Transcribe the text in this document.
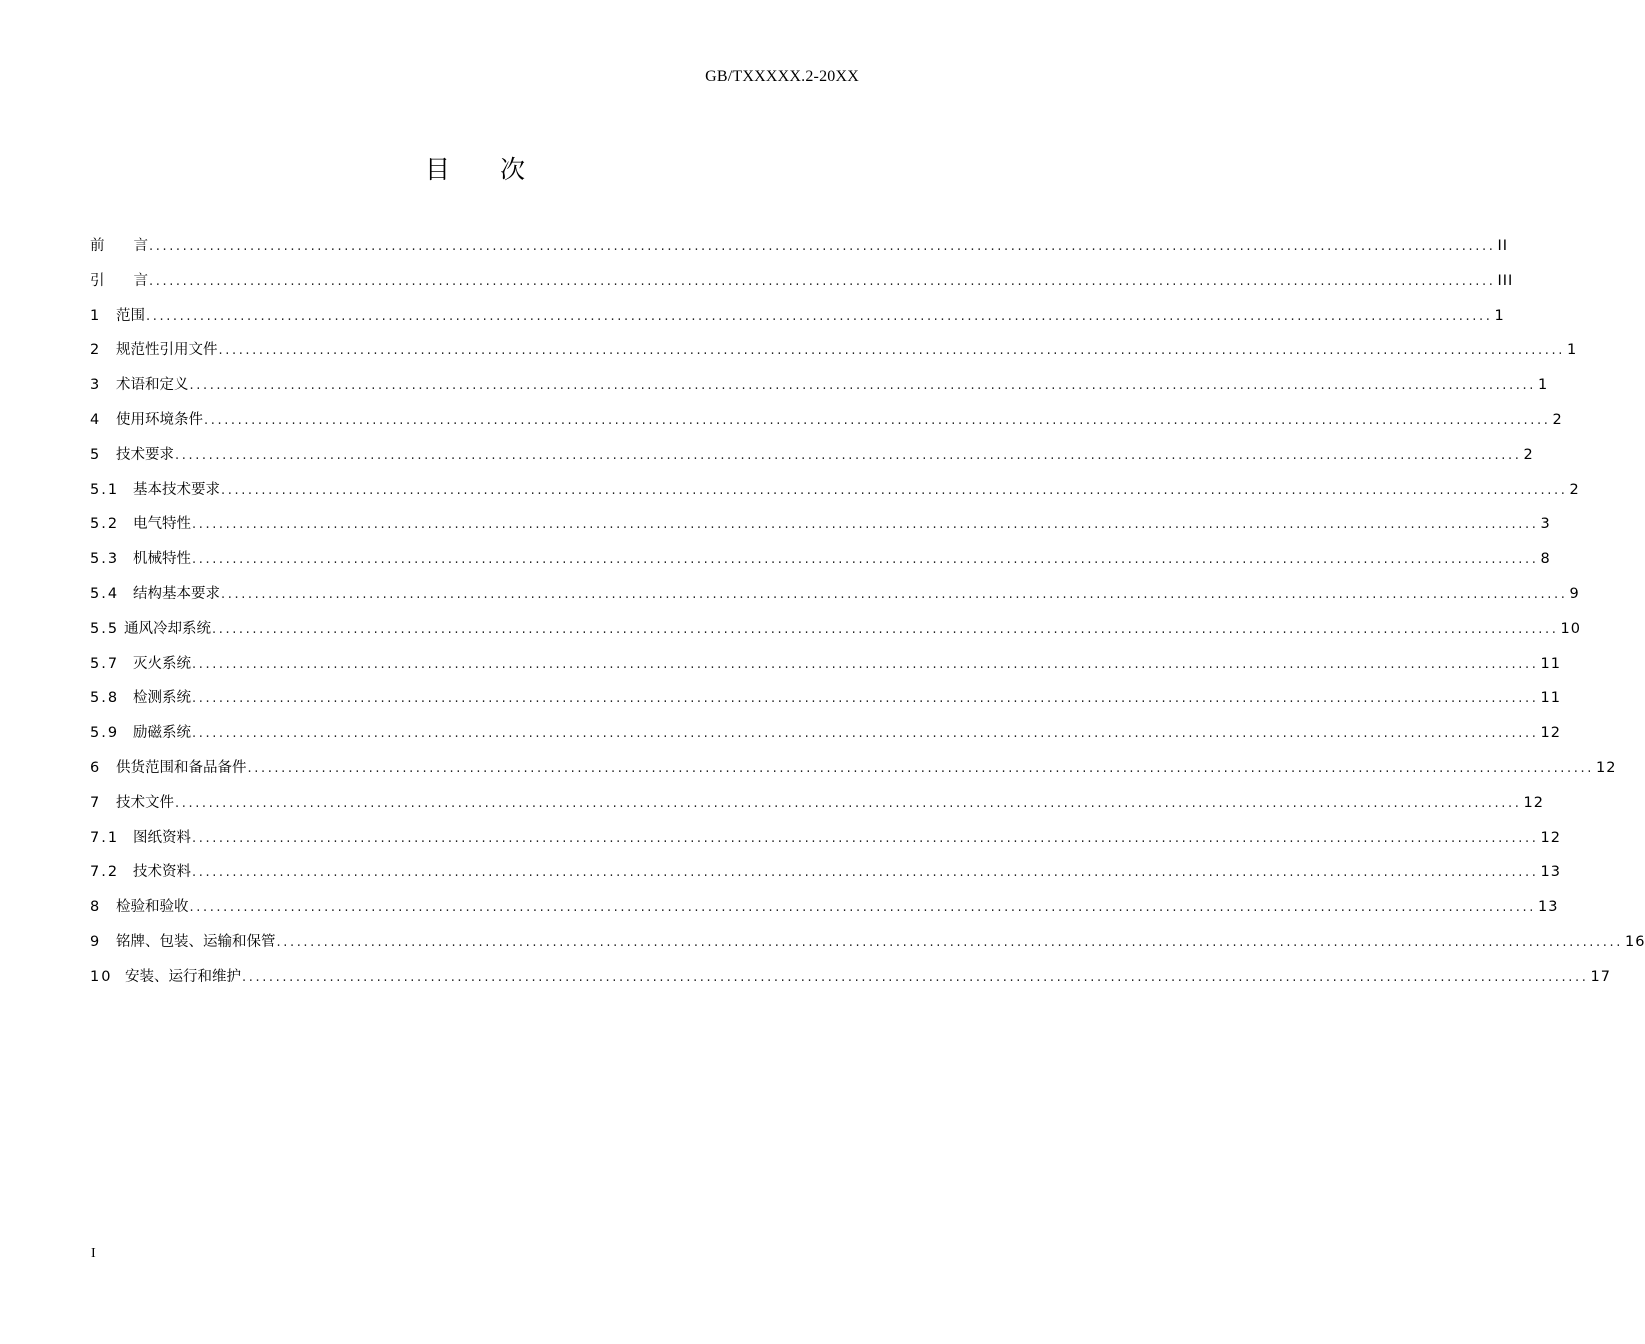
GB/TXXXXX.2-20XX
目 次
前　　言 ........................................................................................................................................................................................................ II
引　　言 ........................................................................................................................................................................................................ III
1	范围 ........................................................................................................................................................................................................ 1
2	规范性引用文件 ........................................................................................................................................................................................................ 1
3	术语和定义 ........................................................................................................................................................................................................ 1
4	使用环境条件 ........................................................................................................................................................................................................ 2
5	技术要求 ........................................................................................................................................................................................................ 2
5.1 基本技术要求 ........................................................................................................................................................................................................ 2
5.2 电气特性 ........................................................................................................................................................................................................ 3
5.3 机械特性 ........................................................................................................................................................................................................ 8
5.4 结构基本要求 ........................................................................................................................................................................................................ 9
5.5 通风冷却系统 ........................................................................................................................................................................................................ 10
5.7 灭火系统 ........................................................................................................................................................................................................ 11
5.8 检测系统 ........................................................................................................................................................................................................ 11
5.9 励磁系统 ........................................................................................................................................................................................................ 12
6	供货范围和备品备件 ........................................................................................................................................................................................................ 12
7	技术文件 ........................................................................................................................................................................................................ 12
7.1 图纸资料 ........................................................................................................................................................................................................ 12
7.2 技术资料 ........................................................................................................................................................................................................ 13
8	检验和验收 ........................................................................................................................................................................................................ 13
9	铭牌、包装、运输和保管 ........................................................................................................................................................................................................ 16
10 安装、运行和维护 ........................................................................................................................................................................................................ 17
I
